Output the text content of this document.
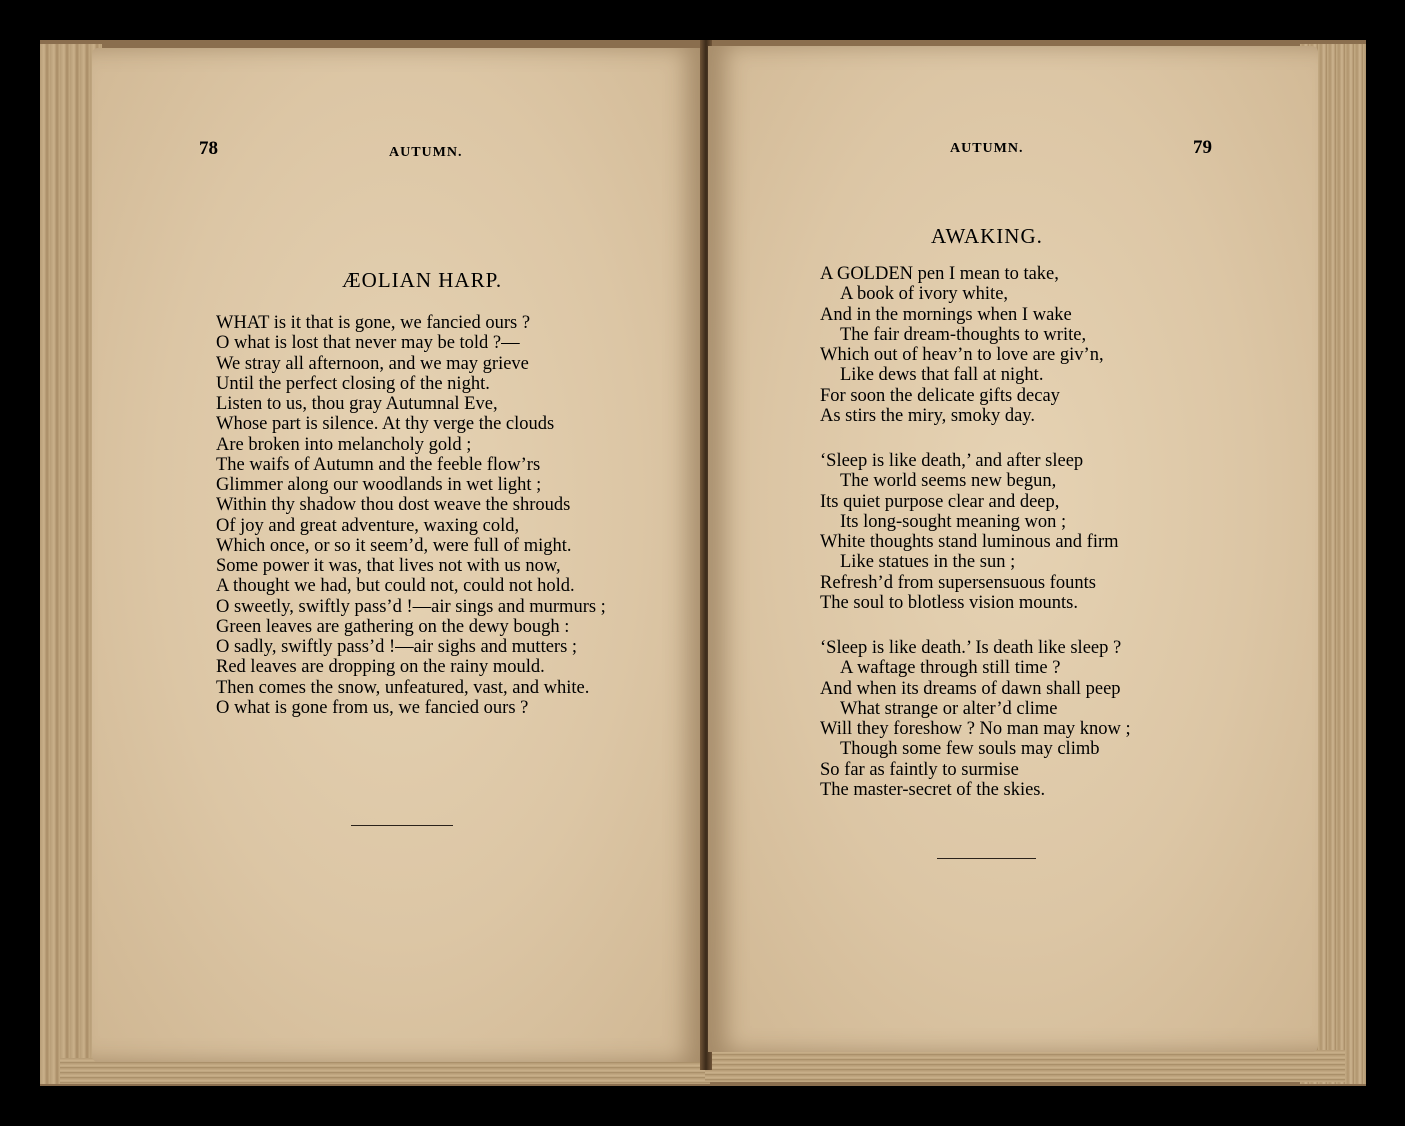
78	AUTUMN.
ÆOLIAN HARP.
WHAT is it that is gone, we fancied ours ?
O what is lost that never may be told ?—
We stray all afternoon, and we may grieve
Until the perfect closing of the night.
Listen to us, thou gray Autumnal Eve,
Whose part is silence. At thy verge the clouds
Are broken into melancholy gold ;
The waifs of Autumn and the feeble flow’rs
Glimmer along our woodlands in wet light ;
Within thy shadow thou dost weave the shrouds
Of joy and great adventure, waxing cold,
Which once, or so it seem’d, were full of might.
Some power it was, that lives not with us now,
A thought we had, but could not, could not hold.
O sweetly, swiftly pass’d !—air sings and murmurs ;
Green leaves are gathering on the dewy bough :
O sadly, swiftly pass’d !—air sighs and mutters ;
Red leaves are dropping on the rainy mould.
Then comes the snow, unfeatured, vast, and white.
O what is gone from us, we fancied ours ?
AUTUMN.	79
AWAKING.
A GOLDEN pen I mean to take,
A book of ivory white,
And in the mornings when I wake
The fair dream-thoughts to write,
Which out of heav’n to love are giv’n,
Like dews that fall at night.
For soon the delicate gifts decay
As stirs the miry, smoky day.
‘Sleep is like death,’ and after sleep
The world seems new begun,
Its quiet purpose clear and deep,
Its long-sought meaning won ;
White thoughts stand luminous and firm
Like statues in the sun ;
Refresh’d from supersensuous founts
The soul to blotless vision mounts.
‘Sleep is like death.’ Is death like sleep ?
A waftage through still time ?
And when its dreams of dawn shall peep
What strange or alter’d clime
Will they foreshow ? No man may know ;
Though some few souls may climb
So far as faintly to surmise
The master-secret of the skies.
